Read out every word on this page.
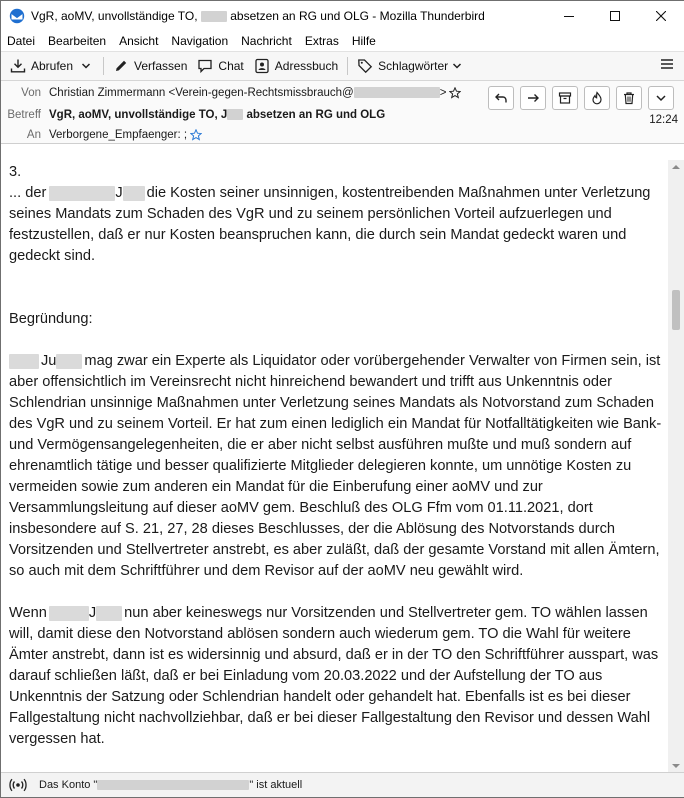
VgR, aoMV, unvollständige TO,  absetzen an RG und OLG - Mozilla Thunderbird
Datei Bearbeiten Ansicht Navigation Nachricht Extras Hilfe
Abrufen	Verfassen	Chat	Adressbuch	Schlagwörter
Von Christian Zimmermann <Verein-gegen-Rechtsmissbrauch@	>
Betreff VgR, aoMV, unvollständige TO, J absetzen an RG und OLG	12:24
An Verborgene_Empfaenger: ;
3.
... der	J die Kosten seiner unsinnigen, kostentreibenden Maßnahmen unter Verletzung seines Mandats zum Schaden des VgR und zu seinem persönlichen Vorteil aufzuerlegen und festzustellen, daß er nur Kosten beanspruchen kann, die durch sein Mandat gedeckt waren und gedeckt sind.

Begründung:

Ju mag zwar ein Experte als Liquidator oder vorübergehender Verwalter von Firmen sein, ist aber offensichtlich im Vereinsrecht nicht hinreichend bewandert und trifft aus Unkenntnis oder Schlendrian unsinnige Maßnahmen unter Verletzung seines Mandats als Notvorstand zum Schaden des VgR und zu seinem Vorteil. Er hat zum einen lediglich ein Mandat für Notfalltätigkeiten wie Bank- und Vermögensangelegenheiten, die er aber nicht selbst ausführen mußte und muß sondern auf ehrenamtlich tätige und besser qualifizierte Mitglieder delegieren konnte, um unnötige Kosten zu vermeiden sowie zum anderen ein Mandat für die Einberufung einer aoMV und zur Versammlungsleitung auf dieser aoMV gem. Beschluß des OLG Ffm vom 01.11.2021, dort insbesondere auf S. 21, 27, 28 dieses Beschlusses, der die Ablösung des Notvorstands durch Vorsitzenden und Stellvertreter anstrebt, es aber zuläßt, daß der gesamte Vorstand mit allen Ämtern, so auch mit dem Schriftführer und dem Revisor auf der aoMV neu gewählt wird.

Wenn	J nun aber keineswegs nur Vorsitzenden und Stellvertreter gem. TO wählen lassen will, damit diese den Notvorstand ablösen sondern auch wiederum gem. TO die Wahl für weitere Ämter anstrebt, dann ist es widersinnig und absurd, daß er in der TO den Schriftführer ausspart, was darauf schließen läßt, daß er bei Einladung vom 20.03.2022 und der Aufstellung der TO aus Unkenntnis der Satzung oder Schlendrian handelt oder gehandelt hat. Ebenfalls ist es bei dieser Fallgestaltung nicht nachvollziehbar, daß er bei dieser Fallgestaltung den Revisor und dessen Wahl vergessen hat.
Das Konto "	" ist aktuell
